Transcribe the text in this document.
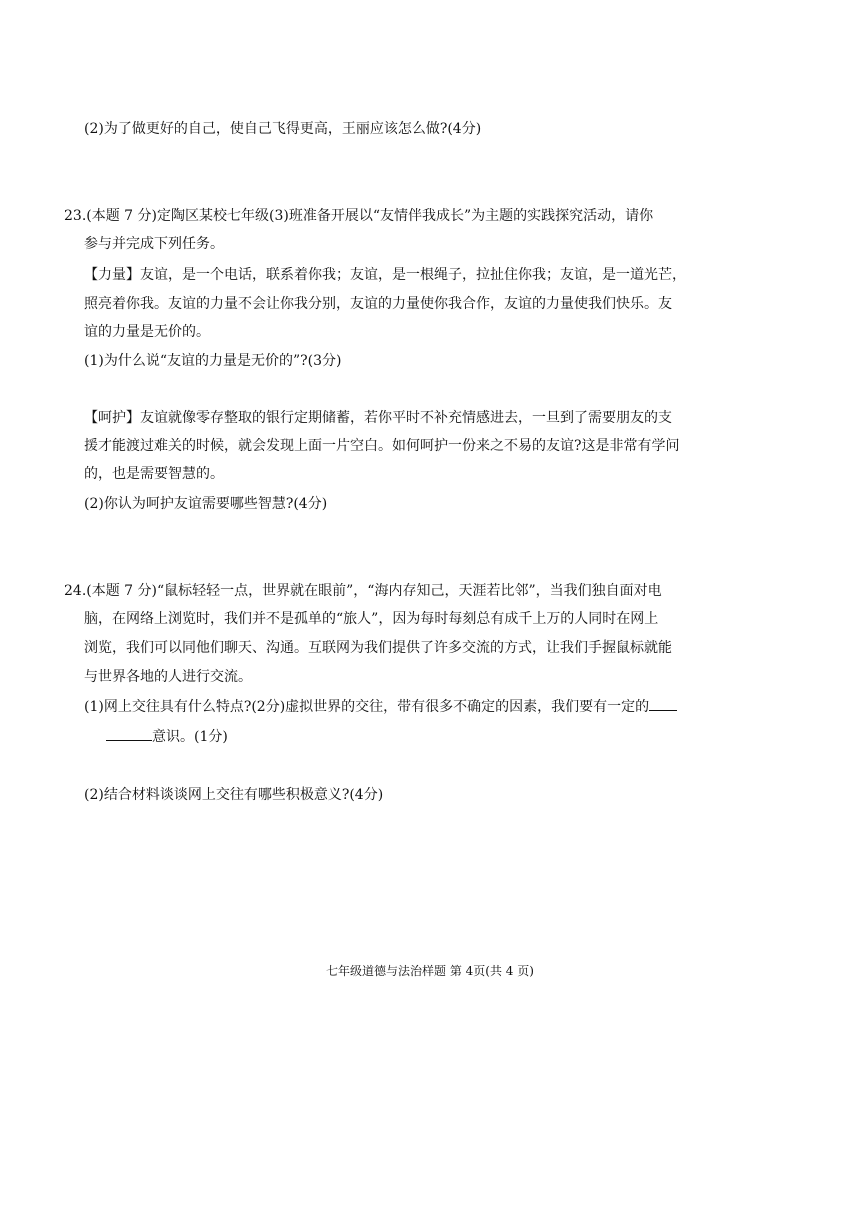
(2)为了做更好的自己，使自己飞得更高，王丽应该怎么做?(4分)
23.(本题 7 分)定陶区某校七年级(3)班准备开展以“友情伴我成长”为主题的实践探究活动，请你
参与并完成下列任务。
【力量】友谊，是一个电话，联系着你我；友谊，是一根绳子，拉扯住你我；友谊，是一道光芒，
照亮着你我。友谊的力量不会让你我分别，友谊的力量使你我合作，友谊的力量使我们快乐。友
谊的力量是无价的。
(1)为什么说“友谊的力量是无价的”?(3分)
【呵护】友谊就像零存整取的银行定期储蓄，若你平时不补充情感进去，一旦到了需要朋友的支
援才能渡过难关的时候，就会发现上面一片空白。如何呵护一份来之不易的友谊?这是非常有学问
的，也是需要智慧的。
(2)你认为呵护友谊需要哪些智慧?(4分)
24.(本题 7 分)“鼠标轻轻一点，世界就在眼前”，“海内存知己，天涯若比邻”，当我们独自面对电
脑，在网络上浏览时，我们并不是孤单的“旅人”，因为每时每刻总有成千上万的人同时在网上
浏览，我们可以同他们聊天、沟通。互联网为我们提供了许多交流的方式，让我们手握鼠标就能
与世界各地的人进行交流。
(1)网上交往具有什么特点?(2分)虚拟世界的交往，带有很多不确定的因素，我们要有一定的
意识。(1分)
(2)结合材料谈谈网上交往有哪些积极意义?(4分)
七年级道德与法治样题 第 4页(共 4 页)
